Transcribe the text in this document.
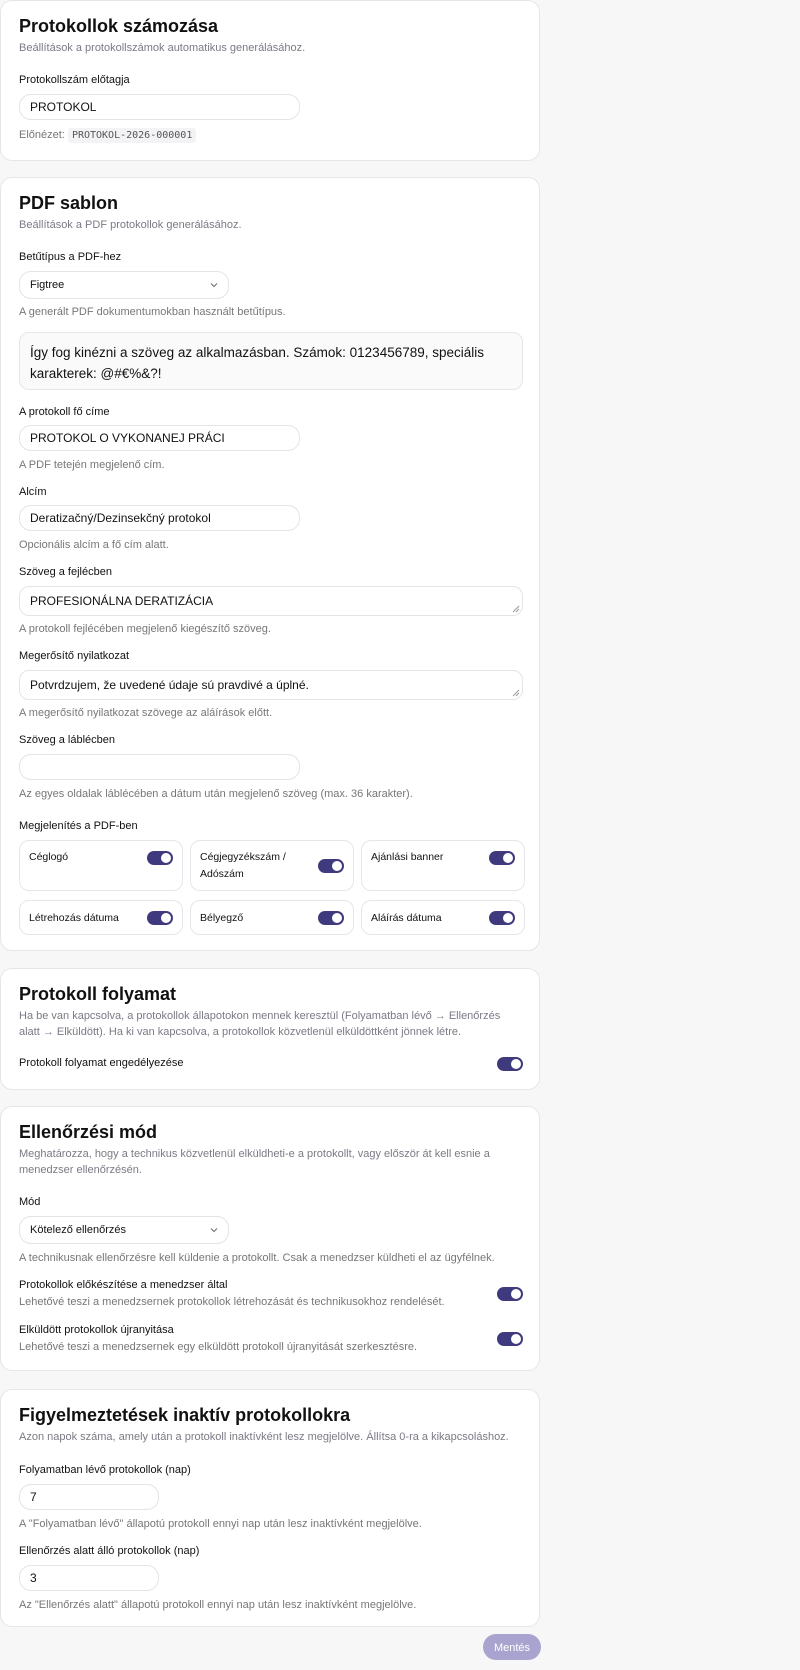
Protokollok számozása
Beállítások a protokollszámok automatikus generálásához.
Protokollszám előtagja
PROTOKOL
Előnézet: PROTOKOL-2026-000001
PDF sablon
Beállítások a PDF protokollok generálásához.
Betűtípus a PDF-hez
Figtree
A generált PDF dokumentumokban használt betűtípus.
Így fog kinézni a szöveg az alkalmazásban. Számok: 0123456789, speciális karakterek: @#€%&?!
A protokoll fő címe
PROTOKOL O VYKONANEJ PRÁCI
A PDF tetején megjelenő cím.
Alcím
Deratizačný/Dezinsekčný protokol
Opcionális alcím a fő cím alatt.
Szöveg a fejlécben
PROFESIONÁLNA DERATIZÁCIA
A protokoll fejlécében megjelenő kiegészítő szöveg.
Megerősítő nyilatkozat
Potvrdzujem, že uvedené údaje sú pravdivé a úplné.
A megerősítő nyilatkozat szövege az aláírások előtt.
Szöveg a láblécben
Az egyes oldalak láblécében a dátum után megjelenő szöveg (max. 36 karakter).
Megjelenítés a PDF-ben
Céglogó	Cégjegyzékszám / Adószám
Ajánlási banner
Létrehozás dátuma	Bélyegző	Aláírás dátuma
Protokoll folyamat
Ha be van kapcsolva, a protokollok állapotokon mennek keresztül (Folyamatban lévő → Ellenőrzés alatt → Elküldött). Ha ki van kapcsolva, a protokollok közvetlenül elküldöttként jönnek létre.
Protokoll folyamat engedélyezése
Ellenőrzési mód
Meghatározza, hogy a technikus közvetlenül elküldheti-e a protokollt, vagy először át kell esnie a menedzser ellenőrzésén.
Mód
Kötelező ellenőrzés
A technikusnak ellenőrzésre kell küldenie a protokollt. Csak a menedzser küldheti el az ügyfélnek.
Protokollok előkészítése a menedzser által
Lehetővé teszi a menedzsernek protokollok létrehozását és technikusokhoz rendelését.
Elküldött protokollok újranyitása
Lehetővé teszi a menedzsernek egy elküldött protokoll újranyitását szerkesztésre.
Figyelmeztetések inaktív protokollokra
Azon napok száma, amely után a protokoll inaktívként lesz megjelölve. Állítsa 0-ra a kikapcsoláshoz.
Folyamatban lévő protokollok (nap)
7
A "Folyamatban lévő" állapotú protokoll ennyi nap után lesz inaktívként megjelölve.
Ellenőrzés alatt álló protokollok (nap)
3
Az "Ellenőrzés alatt" állapotú protokoll ennyi nap után lesz inaktívként megjelölve.
Mentés
